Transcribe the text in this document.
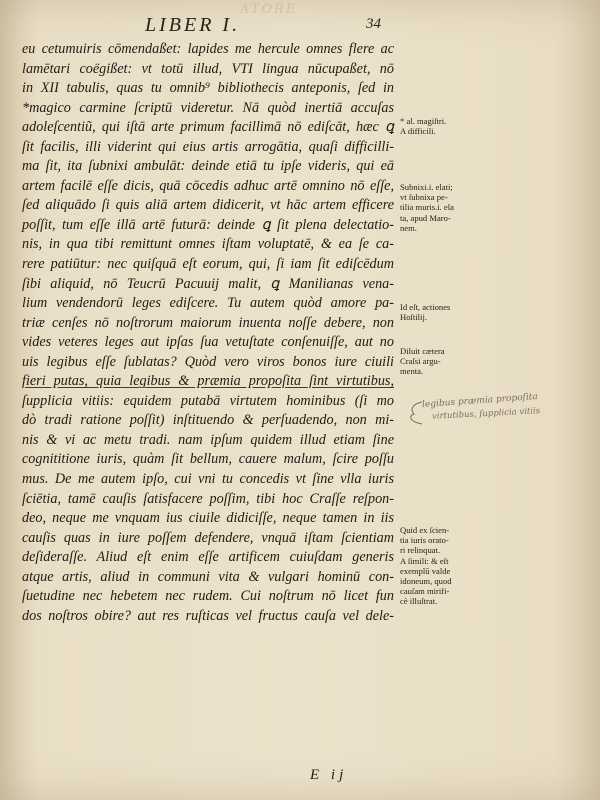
ATORE
LIBER I.	34
eu cetumuiris cōmendaßet: lapides me hercule omnes flere ac
lamētari coëgißet: vt totū illud, VTI lingua nūcupaßet, nō
in XII tabulis, quas tu omnib⁹ bibliothecis anteponis, ſed in
*magico carmine ſcriptū videretur. Nā quòd inertiā accuſas
adoleſcentiũ, qui iſtā arte primum facillimā nō ediſcāt, hæc ꝗ
ſit facilis, illi viderint qui eius artis arrogātia, quaſi difficilli-
ma ſit, ita ſubnixi ambulāt: deinde etiā tu ipſe videris, qui eā
artem facilē eſſe dicis, quā cōcedis adhuc artē omnino nō eſſe,
ſed aliquādo ſi quis aliā artem didicerit, vt hāc artem efficere
poſſit, tum eſſe illā artē futurā: deinde ꝗ ſit plena delectatio-
nis, in qua tibi remittunt omnes iſtam voluptatē, & ea ſe ca-
rere patiūtur: nec quiſquā eſt eorum, qui, ſi iam ſit ediſcēdum
ſibi aliquid, nō Teucrū Pacuuij malit, ꝗ Manilianas vena-
lium vendendorū leges ediſcere. Tu autem quòd amore pa-
triæ cenſes nō noſtrorum maiorum inuenta noſſe debere, non
vides veteres leges aut ipſas ſua vetuſtate conſenuiſſe, aut no
uis legibus eſſe ſublatas? Quòd vero viros bonos iure ciuili
fieri putas, quia legibus & præmia propoſita ſint virtutibus,
ſupplicia vitiis: equidem putabā virtutem hominibus (ſi mo
dò tradi ratione poſſit) inſtituendo & perſuadendo, non mi-
nis & vi ac metu tradi. nam ipſum quidem illud etiam ſine
cognititione iuris, quàm ſit bellum, cauere malum, ſcire poſſu
mus. De me autem ipſo, cui vni tu concedis vt ſine vlla iuris
ſciētia, tamē cauſis ſatisfacere poſſim, tibi hoc Craſſe reſpon-
deo, neque me vnquam ius ciuile didiciſſe, neque tamen in iis
cauſis quas in iure poſſem defendere, vnquā iſtam ſcientiam
deſideraſſe. Aliud eſt enim eſſe artificem cuiuſdam generis
atque artis, aliud in communi vita & vulgari hominū con-
ſuetudine nec hebetem nec rudem. Cui noſtrum nō licet fun
dos noſtros obire? aut res ruſticas vel fructus cauſa vel dele-
E ij
* al. magiſtri.
A difficili.
Subnixi.i. elati;
vt ſubnixa pe-
tilia muris.i. ela
ta, apud Maro-
nem.
Id eſt, actiones
Hoſtilij.
Diluit cætera
Craſsi argu-
menta.
legibus præmia propoſita
virtutibus, ſupplicia vitiis
Quid ex ſcien-
tia iuris orato-
ri relinquat.
A ſimili: & eſt
exemplū valde
idoneum, quod
cauſam mirifi-
cè illuſtrat.
